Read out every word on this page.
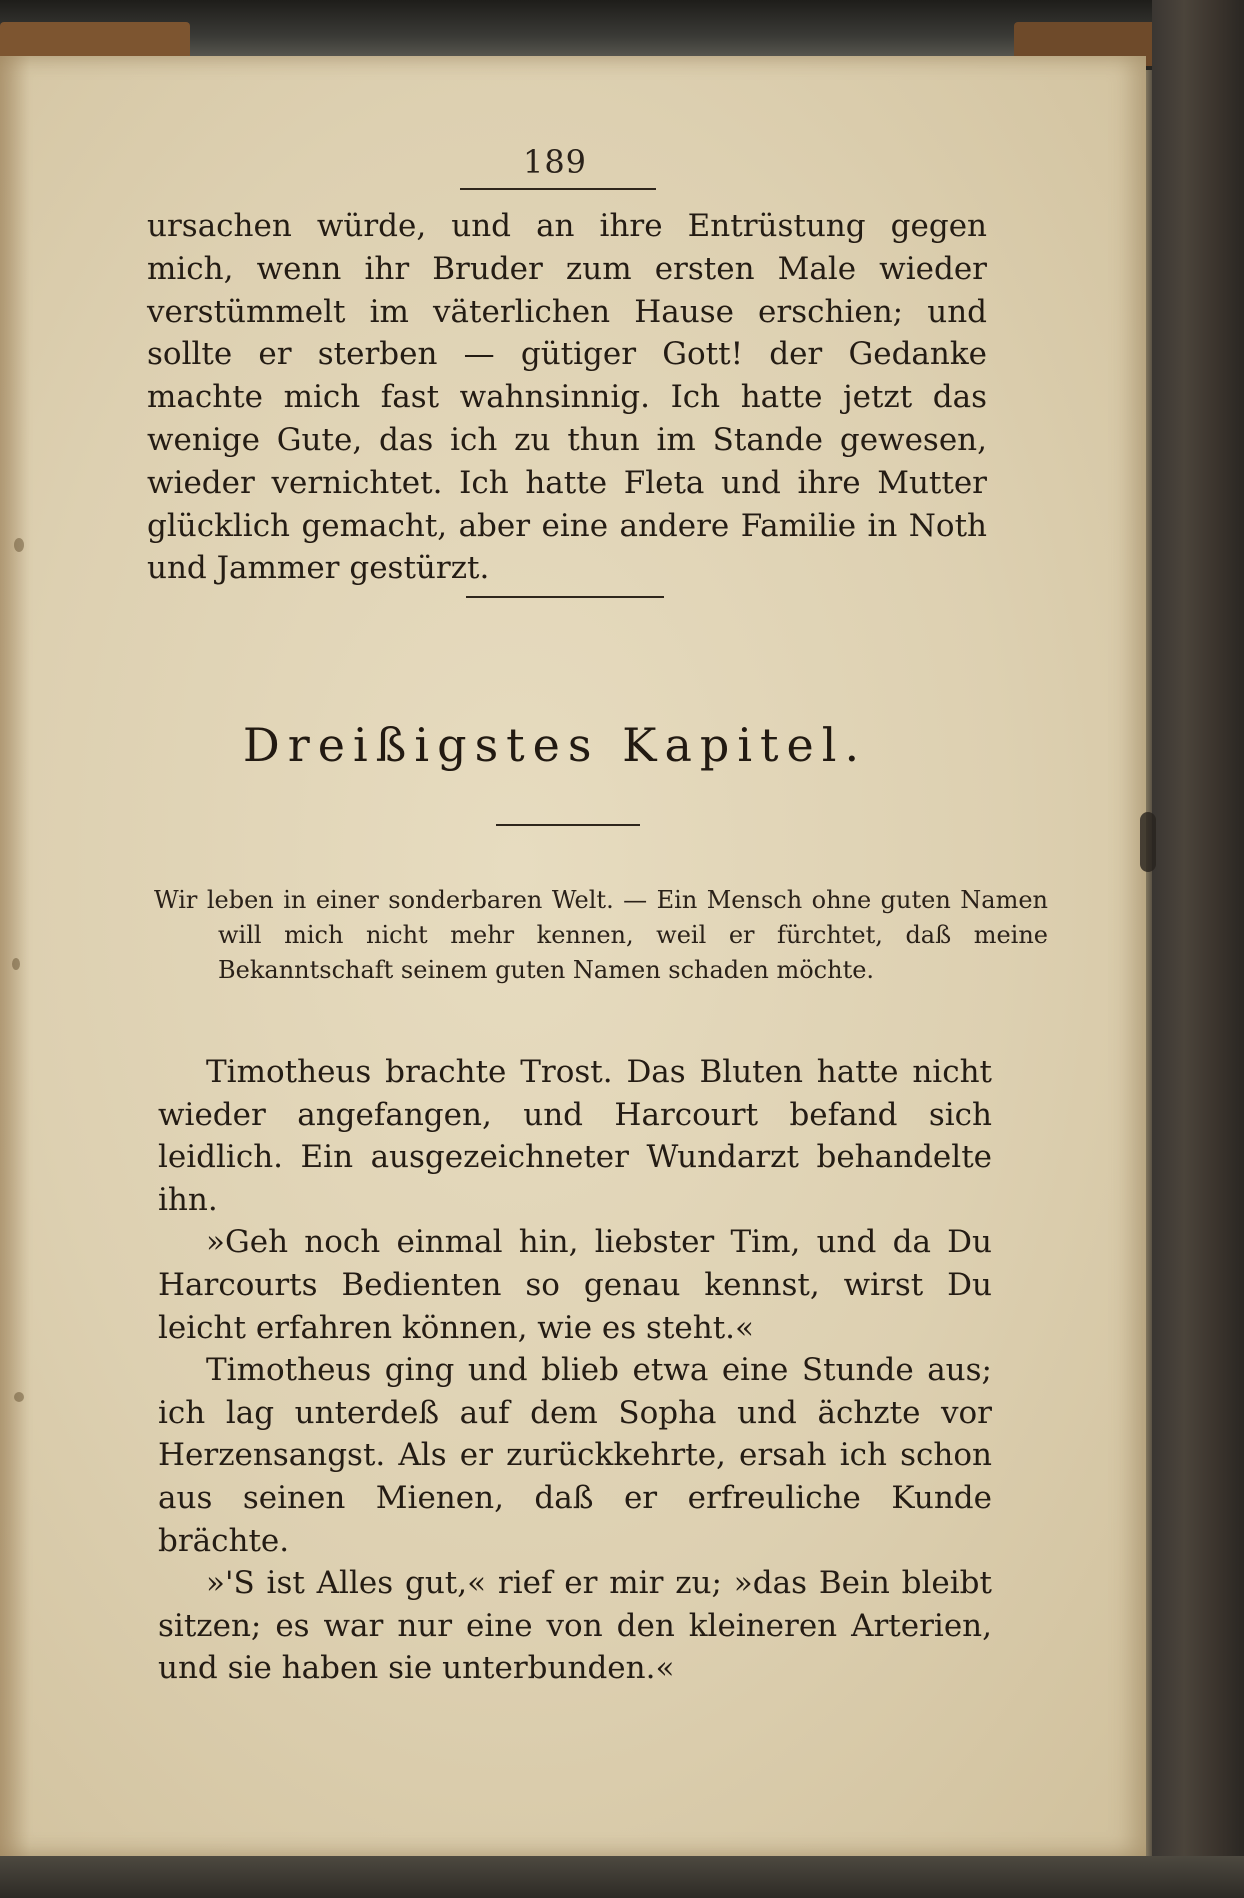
189

ursachen würde, und an ihre Entrüstung gegen mich, wenn ihr Bruder zum ersten Male wieder verstümmelt im väterlichen Hause erschien; und sollte er sterben — gütiger Gott! der Gedanke machte mich fast wahnsinnig. Ich hatte jetzt das wenige Gute, das ich zu thun im Stande gewesen, wieder vernichtet. Ich hatte Fleta und ihre Mutter glücklich gemacht, aber eine andere Familie in Noth und Jammer gestürzt.

Dreißigstes Kapitel.

Wir leben in einer sonderbaren Welt. — Ein Mensch ohne guten Namen will mich nicht mehr kennen, weil er fürchtet, daß meine Bekanntschaft seinem guten Namen schaden möchte.

Timotheus brachte Trost. Das Bluten hatte nicht wieder angefangen, und Harcourt befand sich leidlich. Ein ausgezeichneter Wundarzt behandelte ihn.

»Geh noch einmal hin, liebster Tim, und da Du Harcourts Bedienten so genau kennst, wirst Du leicht erfahren können, wie es steht.«

Timotheus ging und blieb etwa eine Stunde aus; ich lag unterdeß auf dem Sopha und ächzte vor Herzensangst. Als er zurückkehrte, ersah ich schon aus seinen Mienen, daß er erfreuliche Kunde brächte.

»'S ist Alles gut,« rief er mir zu; »das Bein bleibt sitzen; es war nur eine von den kleineren Arterien, und sie haben sie unterbunden.«
